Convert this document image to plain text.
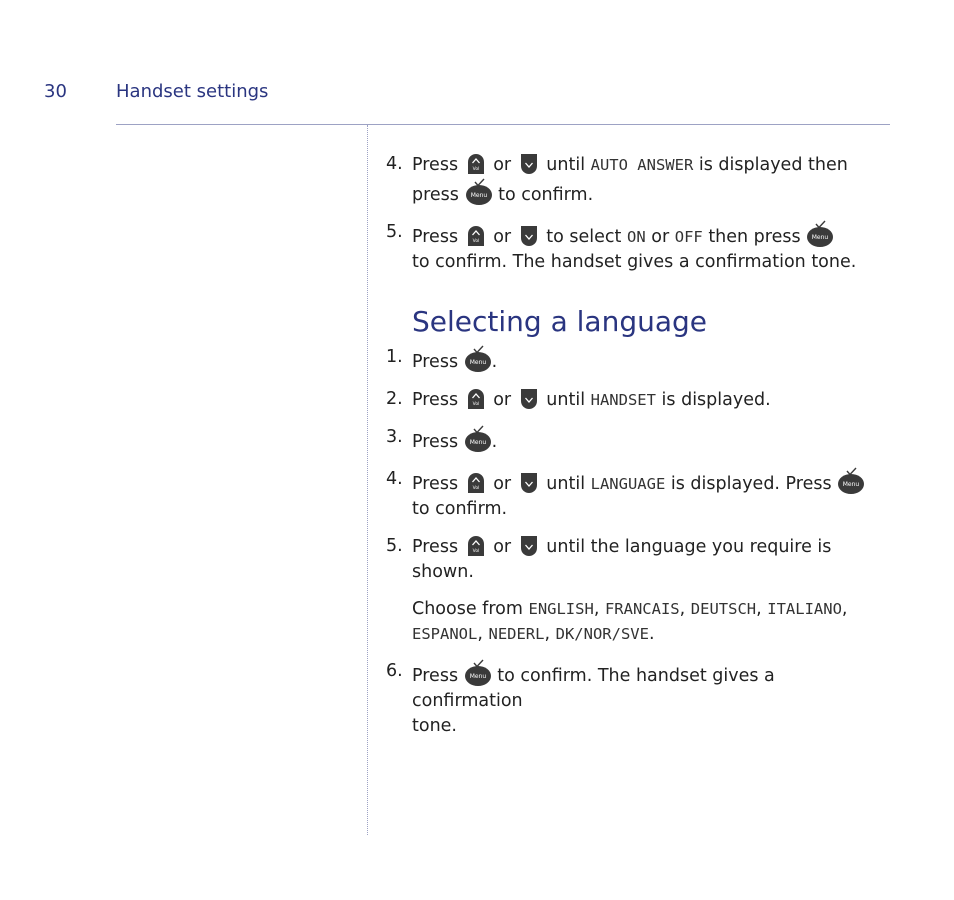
30	Handset settings
4. Press	Vol or until AUTO ANSWER is displayed then
press Menu to confirm.
5. Press	Vol or to select ON or OFF then press Menu

to confirm. The handset gives a confirmation tone.
Selecting a language
1. Press Menu .
2. Press	Vol or until HANDSET is displayed.
3. Press Menu .
4. Press	Vol or until LANGUAGE is displayed. Press Menu

to confirm.
5. Press	Vol or until the language you require is shown.
Choose from ENGLISH, FRANCAIS, DEUTSCH, ITALIANO,
ESPANOL, NEDERL, DK/NOR/SVE.
6. Press Menu to confirm. The handset gives a confirmation
tone.
